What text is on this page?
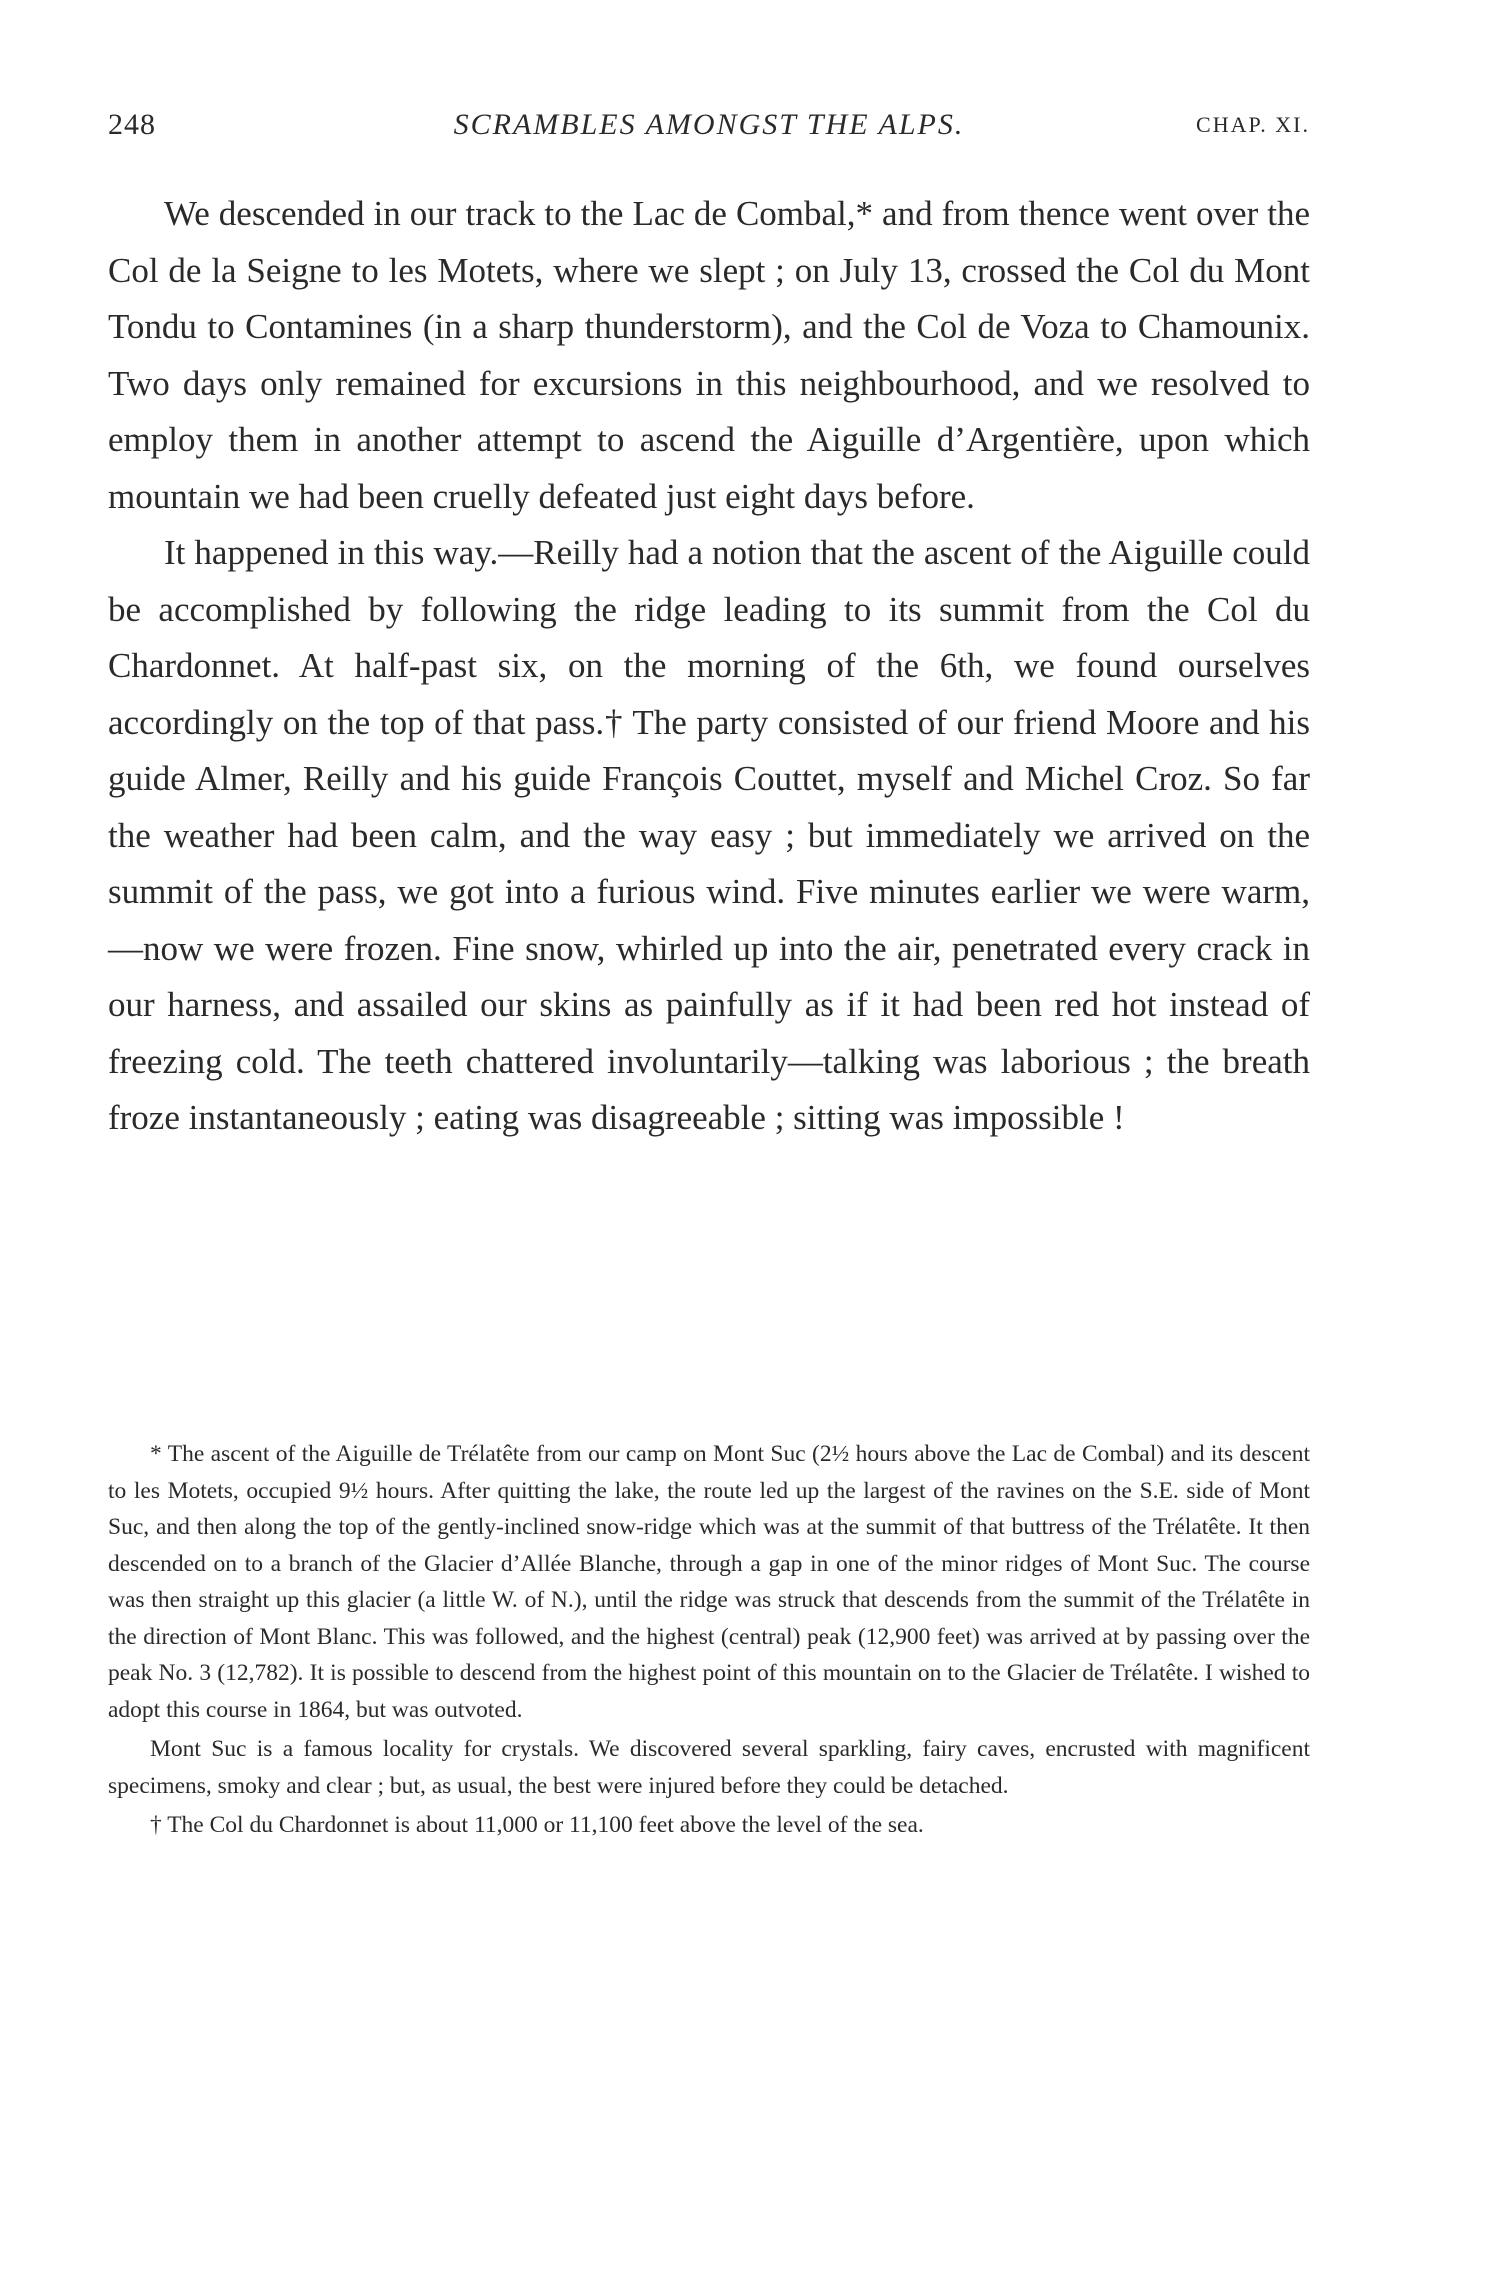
248	SCRAMBLES AMONGST THE ALPS.	CHAP. XI.

We descended in our track to the Lac de Combal,* and from thence went over the Col de la Seigne to les Motets, where we slept ; on July 13, crossed the Col du Mont Tondu to Contamines (in a sharp thunderstorm), and the Col de Voza to Chamounix. Two days only remained for excursions in this neighbourhood, and we resolved to employ them in another attempt to ascend the Aiguille d’Argentière, upon which mountain we had been cruelly defeated just eight days before.

It happened in this way.—Reilly had a notion that the ascent of the Aiguille could be accomplished by following the ridge leading to its summit from the Col du Chardonnet. At half-past six, on the morning of the 6th, we found ourselves accordingly on the top of that pass.† The party consisted of our friend Moore and his guide Almer, Reilly and his guide François Couttet, myself and Michel Croz. So far the weather had been calm, and the way easy ; but immediately we arrived on the summit of the pass, we got into a furious wind. Five minutes earlier we were warm,—now we were frozen. Fine snow, whirled up into the air, penetrated every crack in our harness, and assailed our skins as painfully as if it had been red hot instead of freezing cold. The teeth chattered involuntarily—talking was laborious ; the breath froze instantaneously ; eating was disagreeable ; sitting was impossible !

* The ascent of the Aiguille de Trélatête from our camp on Mont Suc (2½ hours above the Lac de Combal) and its descent to les Motets, occupied 9½ hours. After quitting the lake, the route led up the largest of the ravines on the S.E. side of Mont Suc, and then along the top of the gently-inclined snow-ridge which was at the summit of that buttress of the Trélatête. It then descended on to a branch of the Glacier d’Allée Blanche, through a gap in one of the minor ridges of Mont Suc. The course was then straight up this glacier (a little W. of N.), until the ridge was struck that descends from the summit of the Trélatête in the direction of Mont Blanc. This was followed, and the highest (central) peak (12,900 feet) was arrived at by passing over the peak No. 3 (12,782). It is possible to descend from the highest point of this mountain on to the Glacier de Trélatête. I wished to adopt this course in 1864, but was outvoted.

Mont Suc is a famous locality for crystals. We discovered several sparkling, fairy caves, encrusted with magnificent specimens, smoky and clear ; but, as usual, the best were injured before they could be detached.

† The Col du Chardonnet is about 11,000 or 11,100 feet above the level of the sea.
